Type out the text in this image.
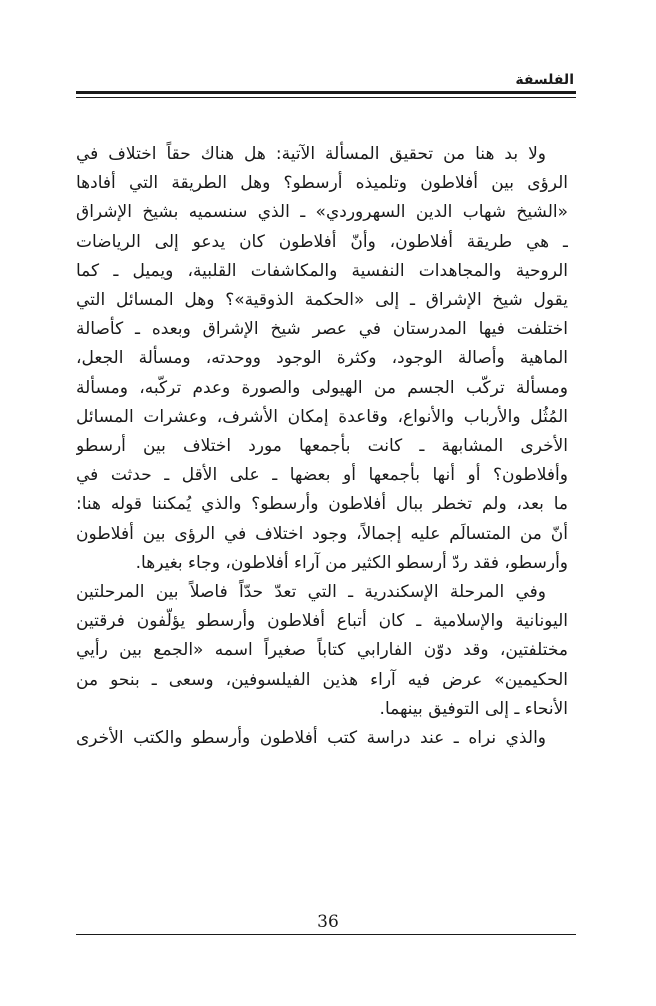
الفلسفة
ولا بد هنا من تحقيق المسألة الآتية: هل هناك حقاً اختلاف في
الرؤى بين أفلاطون وتلميذه أرسطو؟ وهل الطريقة التي أفادها
«الشيخ شهاب الدين السهروردي» ـ الذي سنسميه بشيخ الإشراق
ـ هي طريقة أفلاطون، وأنّ أفلاطون كان يدعو إلى الرياضات
الروحية والمجاهدات النفسية والمكاشفات القلبية، ويميل ـ كما
يقول شيخ الإشراق ـ إلى «الحكمة الذوقية»؟ وهل المسائل التي
اختلفت فيها المدرستان في عصر شيخ الإشراق وبعده ـ كأصالة
الماهية وأصالة الوجود، وكثرة الوجود ووحدته، ومسألة الجعل،
ومسألة تركّب الجسم من الهيولى والصورة وعدم تركّبه، ومسألة
المُثُل والأرباب والأنواع، وقاعدة إمكان الأشرف، وعشرات المسائل
الأخرى المشابهة ـ كانت بأجمعها مورد اختلاف بين أرسطو
وأفلاطون؟ أو أنها بأجمعها أو بعضها ـ على الأقل ـ حدثت في
ما بعد، ولم تخطر ببال أفلاطون وأرسطو؟ والذي يُمكننا قوله هنا:
أنّ من المتسالَم عليه إجمالاً، وجود اختلاف في الرؤى بين أفلاطون
وأرسطو، فقد ردّ أرسطو الكثير من آراء أفلاطون، وجاء بغيرها.
وفي المرحلة الإسكندرية ـ التي تعدّ حدّاً فاصلاً بين المرحلتين
اليونانية والإسلامية ـ كان أتباع أفلاطون وأرسطو يؤلّفون فرقتين
مختلفتين، وقد دوّن الفارابي كتاباً صغيراً اسمه «الجمع بين رأيي
الحكيمين» عرض فيه آراء هذين الفيلسوفين، وسعى ـ بنحو من
الأنحاء ـ إلى التوفيق بينهما.
والذي نراه ـ عند دراسة كتب أفلاطون وأرسطو والكتب الأخرى
36
